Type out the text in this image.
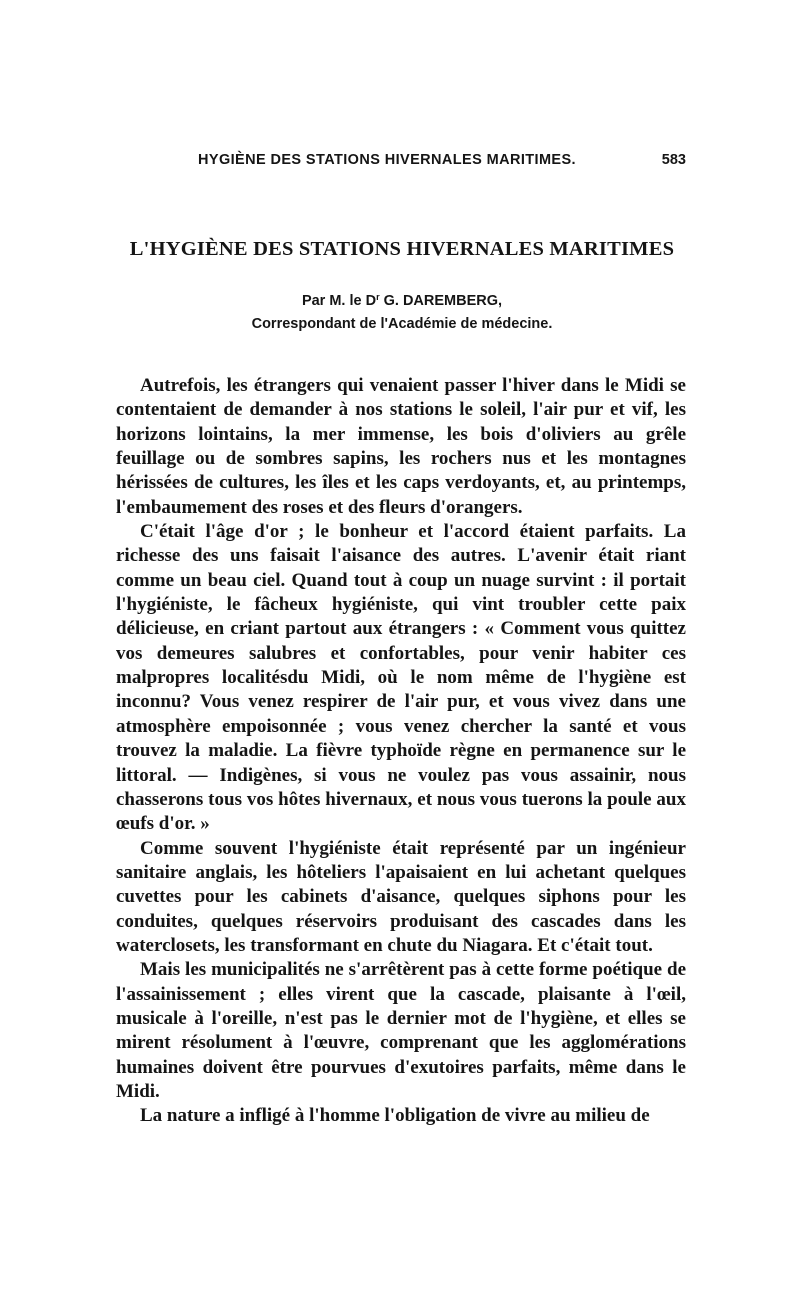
HYGIÈNE DES STATIONS HIVERNALES MARITIMES.	583
L'HYGIÈNE DES STATIONS HIVERNALES MARITIMES
Par M. le $D^r$ G. DAREMBERG,
Correspondant de l'Académie de médecine.

Autrefois, les étrangers qui venaient passer l'hiver dans le Midi se contentaient de demander à nos stations le soleil, l'air pur et vif, les horizons lointains, la mer immense, les bois d'oliviers au grêle feuillage ou de sombres sapins, les rochers nus et les montagnes hérissées de cultures, les îles et les caps verdoyants, et, au printemps, l'embaumement des roses et des fleurs d'orangers.

C'était l'âge d'or ; le bonheur et l'accord étaient parfaits. La richesse des uns faisait l'aisance des autres. L'avenir était riant comme un beau ciel. Quand tout à coup un nuage survint : il portait l'hygiéniste, le fâcheux hygiéniste, qui vint troubler cette paix délicieuse, en criant partout aux étrangers : « Comment vous quittez vos demeures salubres et confortables, pour venir habiter ces malpropres localitésdu Midi, où le nom même de l'hygiène est inconnu? Vous venez respirer de l'air pur, et vous vivez dans une atmosphère empoisonnée ; vous venez chercher la santé et vous trouvez la maladie. La fièvre typhoïde règne en permanence sur le littoral. — Indigènes, si vous ne voulez pas vous assainir, nous chasserons tous vos hôtes hivernaux, et nous vous tuerons la poule aux œufs d'or. »

Comme souvent l'hygiéniste était représenté par un ingénieur sanitaire anglais, les hôteliers l'apaisaient en lui achetant quelques cuvettes pour les cabinets d'aisance, quelques siphons pour les conduites, quelques réservoirs produisant des cascades dans les waterclosets, les transformant en chute du Niagara. Et c'était tout.

Mais les municipalités ne s'arrêtèrent pas à cette forme poétique de l'assainissement ; elles virent que la cascade, plaisante à l'œil, musicale à l'oreille, n'est pas le dernier mot de l'hygiène, et elles se mirent résolument à l'œuvre, comprenant que les agglomérations humaines doivent être pourvues d'exutoires parfaits, même dans le Midi.

La nature a infligé à l'homme l'obligation de vivre au milieu de
